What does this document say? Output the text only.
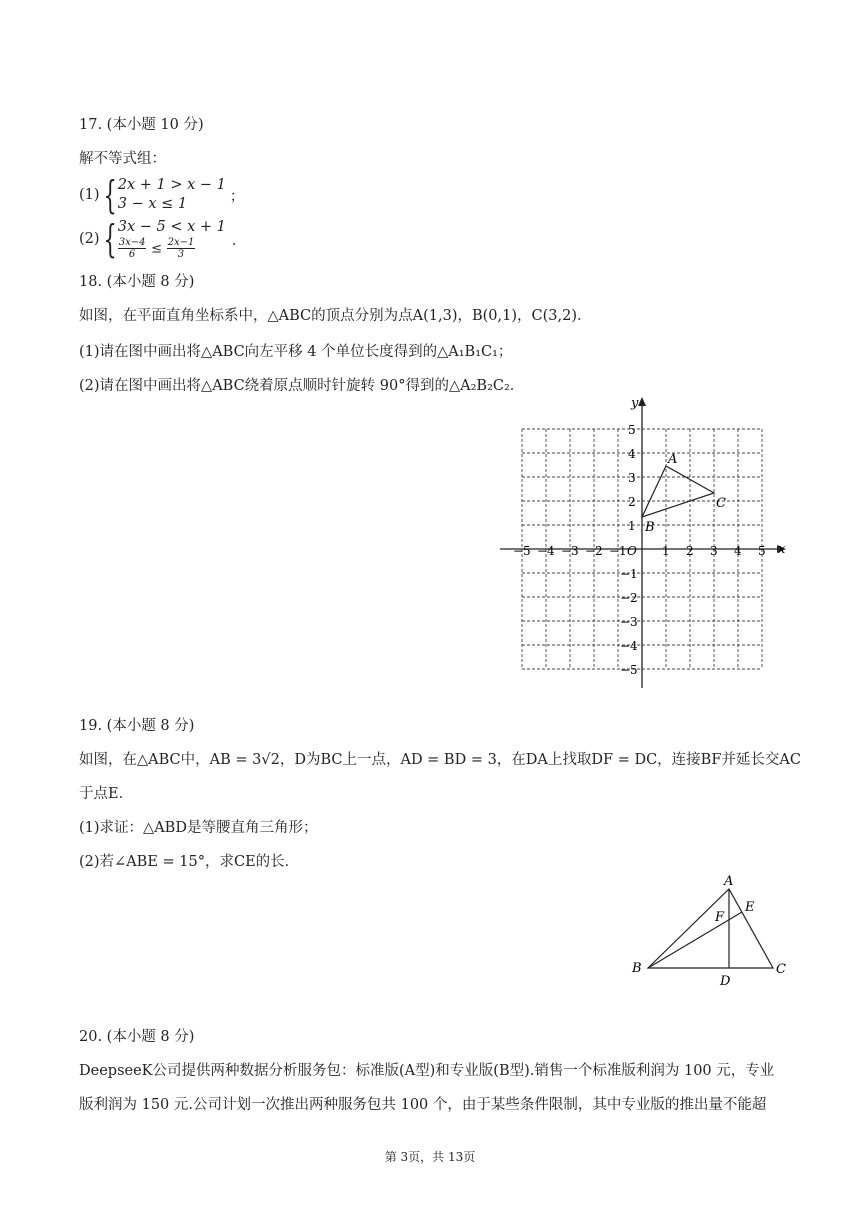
17. (本小题 10 分)
解不等式组：
(1) { 2x + 1 > x − 1
3 − x ≤ 1	；
(2) { 3x − 5 < x + 1
$\frac{3x-4}{6} \le \frac{2x-1}{3}$	．
18. (本小题 8 分)
如图，在平面直角坐标系中，△ABC的顶点分别为点A(1,3)，B(0,1)，C(3,2)．
(1)请在图中画出将△ABC向左平移 4 个单位长度得到的△A₁B₁C₁；
(2)请在图中画出将△ABC绕着原点顺时针旋转 90°得到的△A₂B₂C₂．
x
y
O
−5 −4 −3 −2 −1	1 2 3 4 5
1
2
3
4
5
−1
−2
−3
−4
−5
A
B
C
19. (本小题 8 分)
如图，在△ABC中，AB = 3√2，D为BC上一点，AD = BD = 3，在DA上找取DF = DC，连接BF并延长交AC
于点E．
(1)求证：△ABD是等腰直角三角形；
(2)若∠ABE = 15°，求CE的长．
A
B	C
D
E
F
20. (本小题 8 分)
DeepseeK公司提供两种数据分析服务包：标准版(A型)和专业版(B型).销售一个标准版利润为 100 元，专业
版利润为 150 元.公司计划一次推出两种服务包共 100 个，由于某些条件限制，其中专业版的推出量不能超
第 3页，共 13页
